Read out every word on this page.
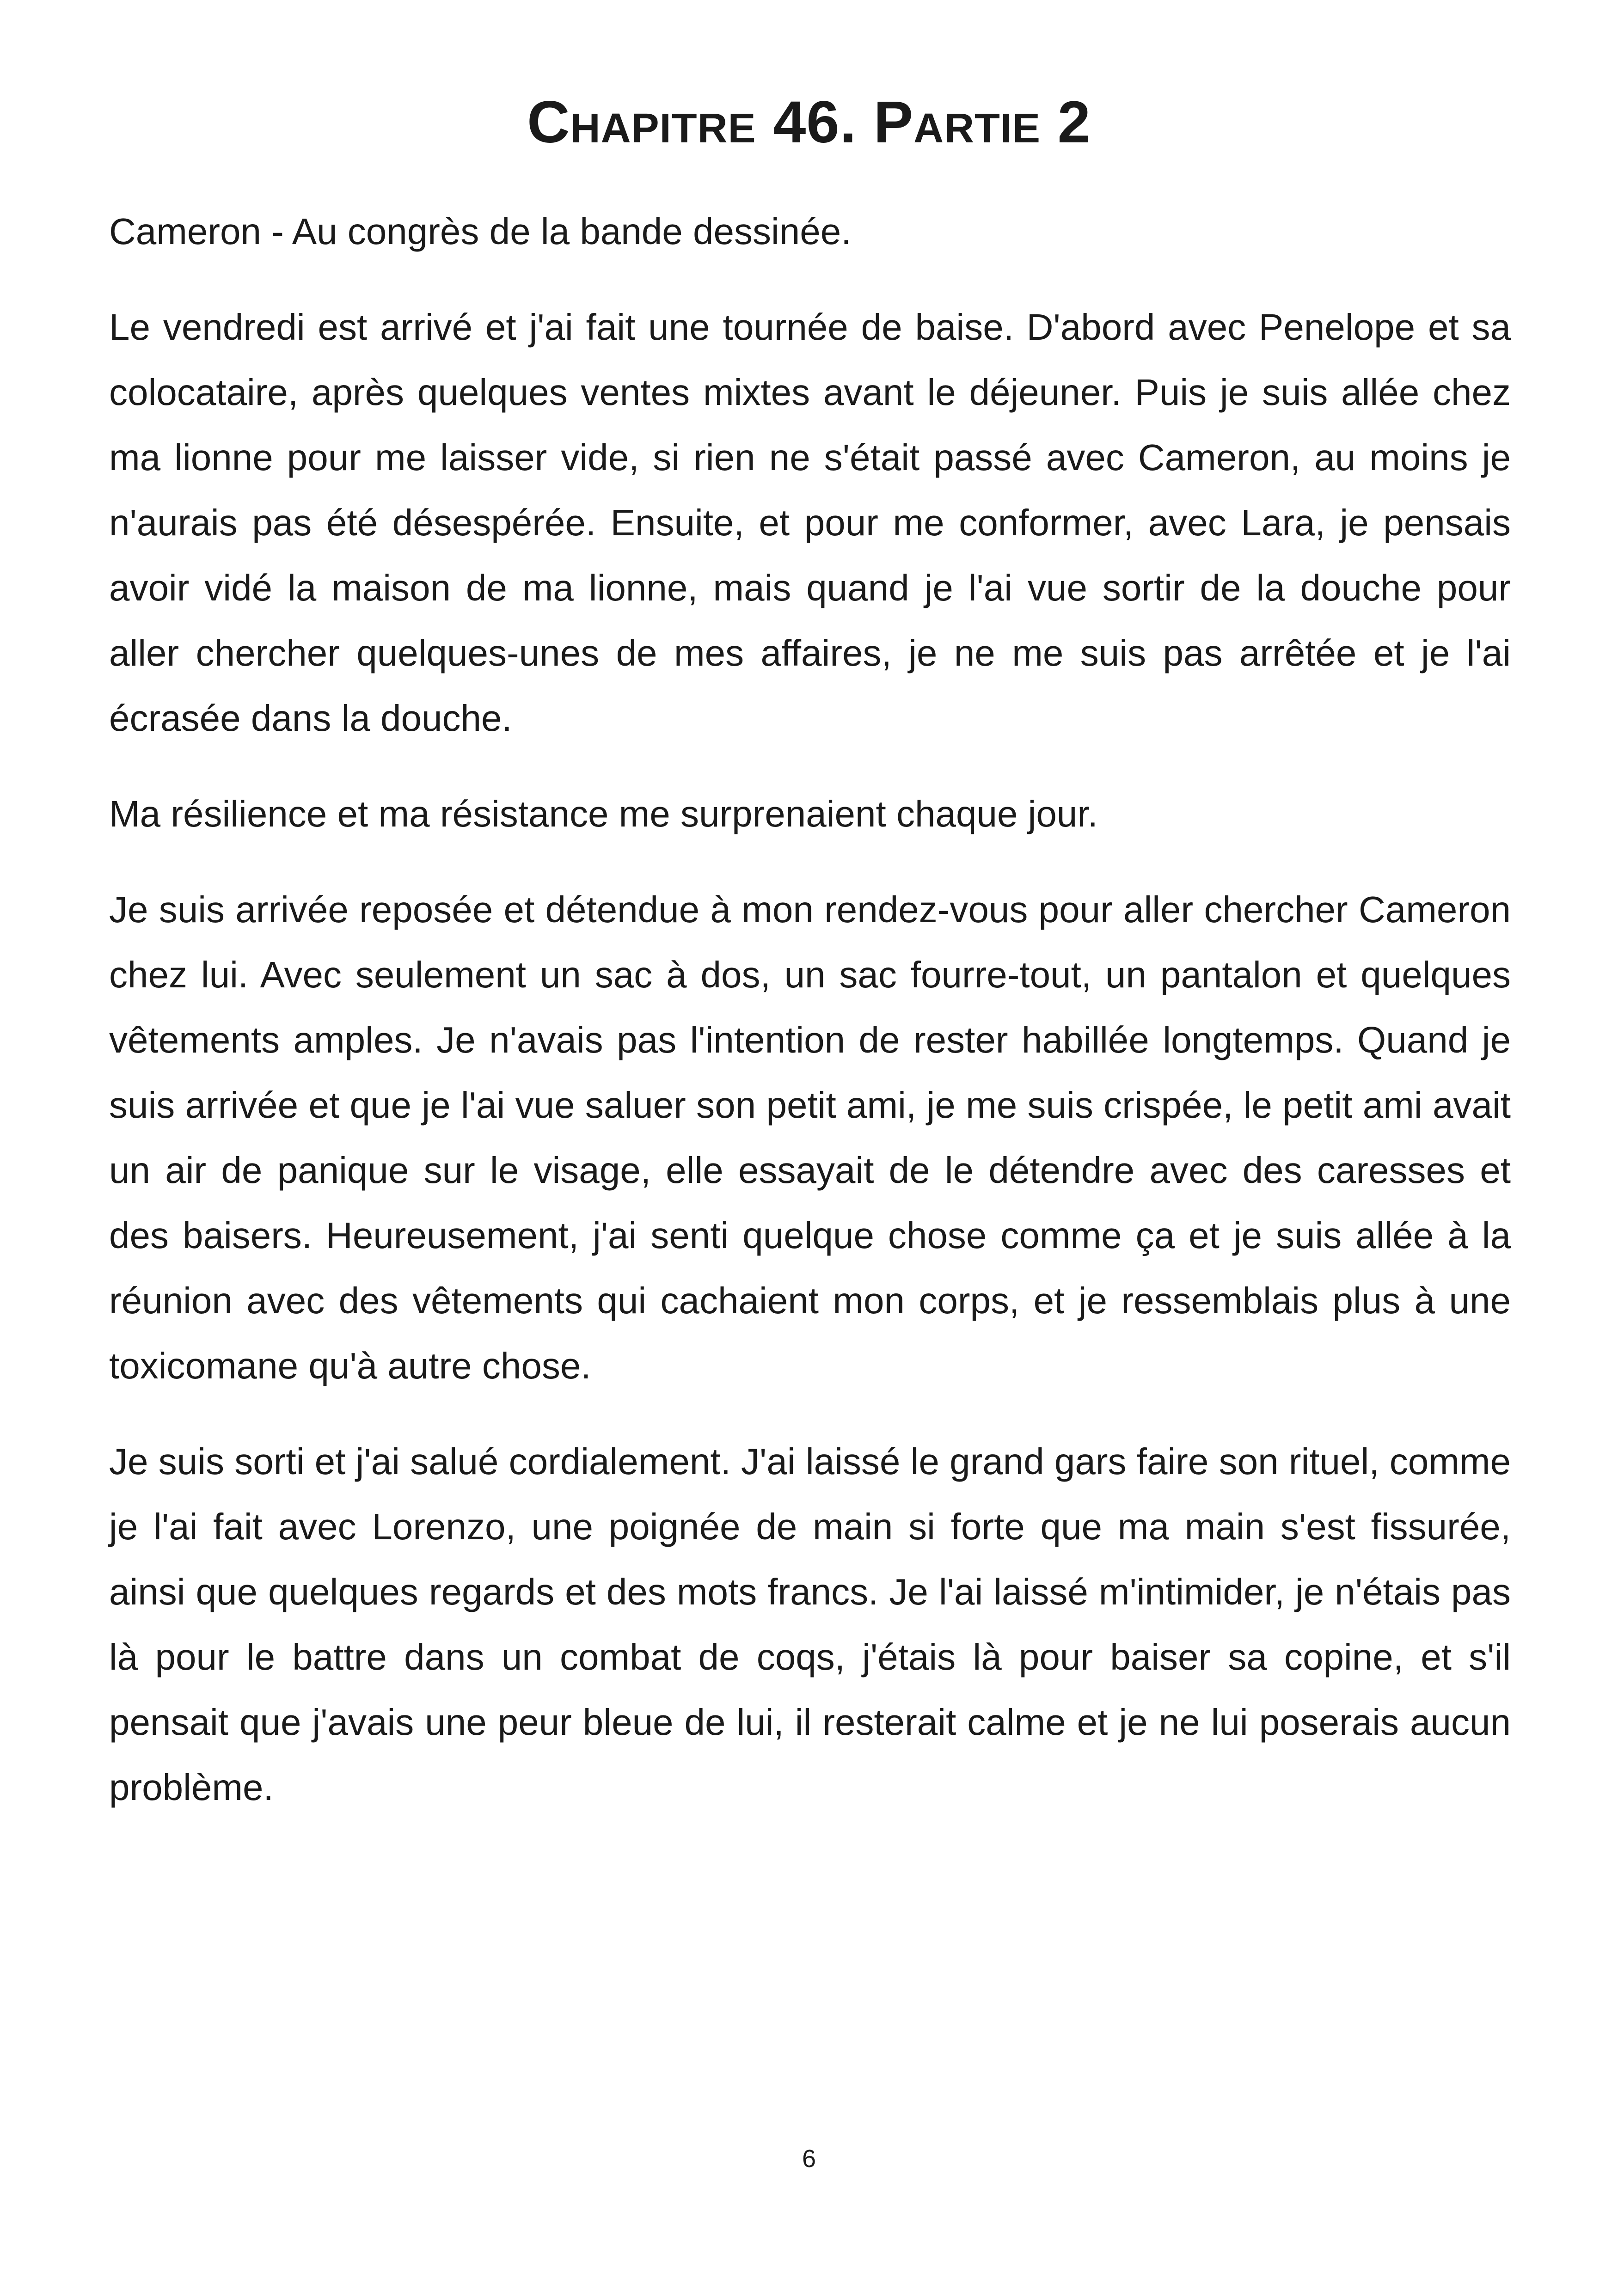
Chapitre 46. Partie 2

Cameron - Au congrès de la bande dessinée.

Le vendredi est arrivé et j'ai fait une tournée de baise. D'abord avec Penelope et sa colocataire, après quelques ventes mixtes avant le déjeuner. Puis je suis allée chez ma lionne pour me laisser vide, si rien ne s'était passé avec Cameron, au moins je n'aurais pas été désespérée. Ensuite, et pour me conformer, avec Lara, je pensais avoir vidé la maison de ma lionne, mais quand je l'ai vue sortir de la douche pour aller chercher quelques-unes de mes affaires, je ne me suis pas arrêtée et je l'ai écrasée dans la douche.

Ma résilience et ma résistance me surprenaient chaque jour.

Je suis arrivée reposée et détendue à mon rendez-vous pour aller chercher Cameron chez lui. Avec seulement un sac à dos, un sac fourre-tout, un pantalon et quelques vêtements amples. Je n'avais pas l'intention de rester habillée longtemps. Quand je suis arrivée et que je l'ai vue saluer son petit ami, je me suis crispée, le petit ami avait un air de panique sur le visage, elle essayait de le détendre avec des caresses et des baisers. Heureusement, j'ai senti quelque chose comme ça et je suis allée à la réunion avec des vêtements qui cachaient mon corps, et je ressemblais plus à une toxicomane qu'à autre chose.

Je suis sorti et j'ai salué cordialement. J'ai laissé le grand gars faire son rituel, comme je l'ai fait avec Lorenzo, une poignée de main si forte que ma main s'est fissurée, ainsi que quelques regards et des mots francs. Je l'ai laissé m'intimider, je n'étais pas là pour le battre dans un combat de coqs, j'étais là pour baiser sa copine, et s'il pensait que j'avais une peur bleue de lui, il resterait calme et je ne lui poserais aucun problème.

6
